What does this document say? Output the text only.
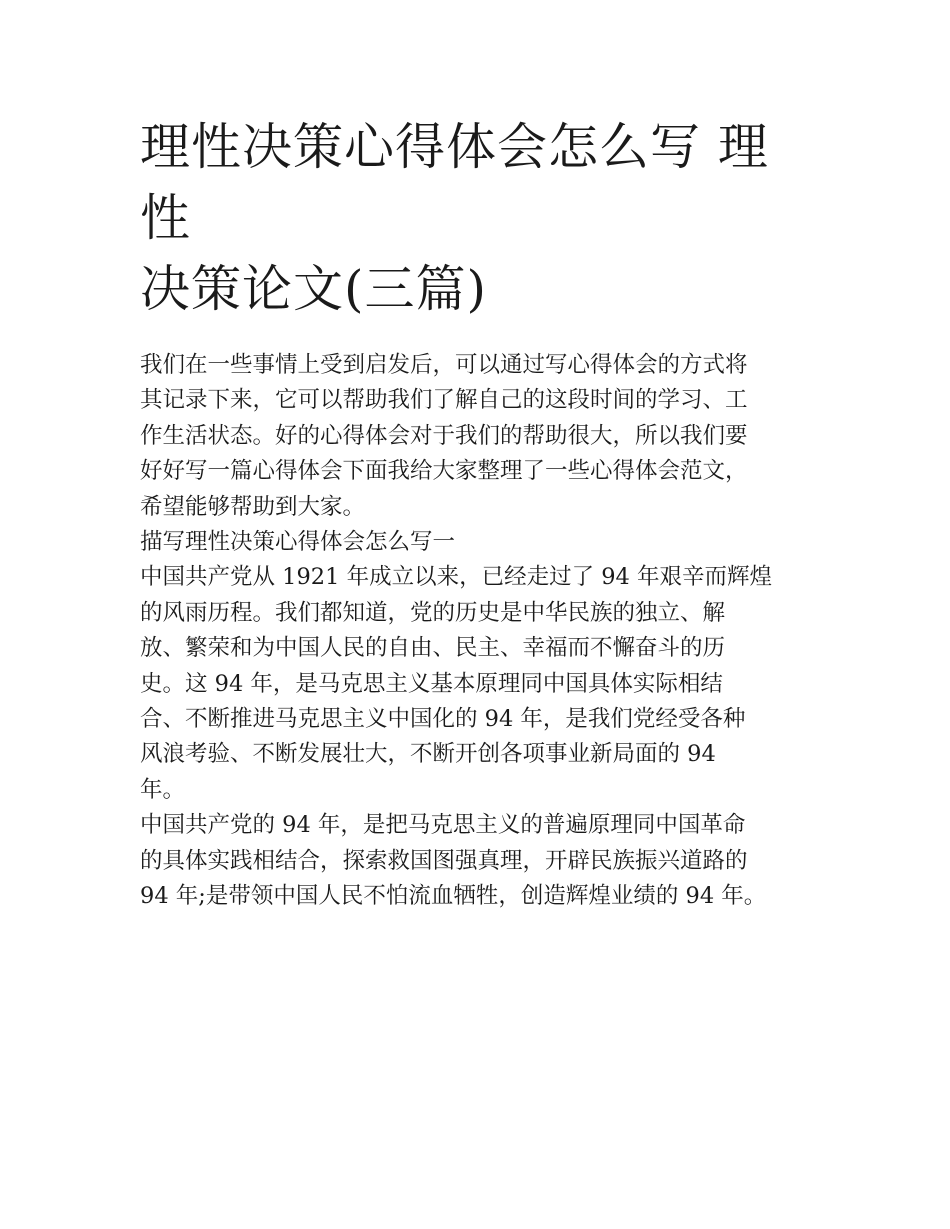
理性决策心得体会怎么写 理性
决策论文(三篇)
我们在一些事情上受到启发后，可以通过写心得体会的方式将
其记录下来，它可以帮助我们了解自己的这段时间的学习、工
作生活状态。好的心得体会对于我们的帮助很大，所以我们要
好好写一篇心得体会下面我给大家整理了一些心得体会范文，
希望能够帮助到大家。
描写理性决策心得体会怎么写一
中国共产党从 1921 年成立以来，已经走过了 94 年艰辛而辉煌
的风雨历程。我们都知道，党的历史是中华民族的独立、解
放、繁荣和为中国人民的自由、民主、幸福而不懈奋斗的历
史。这 94 年，是马克思主义基本原理同中国具体实际相结
合、不断推进马克思主义中国化的 94 年，是我们党经受各种
风浪考验、不断发展壮大，不断开创各项事业新局面的 94
年。
中国共产党的 94 年，是把马克思主义的普遍原理同中国革命
的具体实践相结合，探索救国图强真理，开辟民族振兴道路的
94 年;是带领中国人民不怕流血牺牲，创造辉煌业绩的 94 年。
